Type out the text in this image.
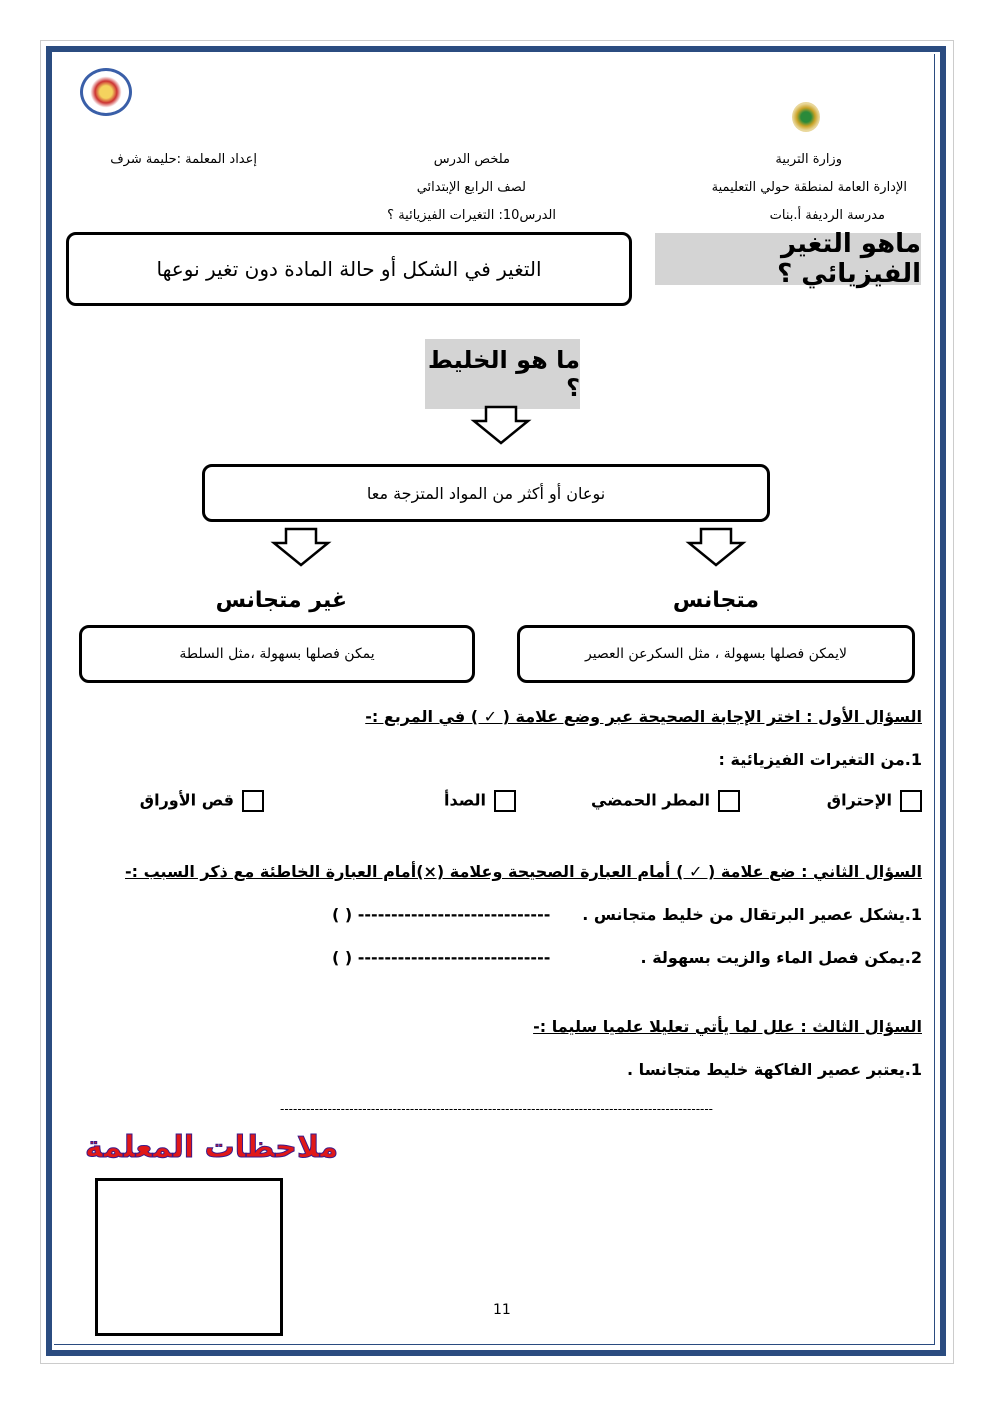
وزارة التربية
الإدارة العامة لمنطقة حولي التعليمية
مدرسة الرديفة أ.بنات
ملخص الدرس
لصف الرابع الإبتدائي
الدرس10: التغيرات الفيزيائية ؟
إعداد المعلمة :حليمة شرف
ماهو التغير الفيزيائي ؟
التغير في الشكل أو حالة المادة دون تغير نوعها
ما هو الخليط ؟
نوعان أو أكثر من المواد المتزجة معا
متجانس
غير متجانس
لايمكن فصلها بسهولة ، مثل السكرعن العصير
يمكن فصلها بسهولة ،مثل السلطة
السؤال الأول : اختر الإجابة الصحيحة عبر وضع علامة ( ✓ ) في المربع :-
1.من التغيرات الفيزيائية :
الإحتراق
المطر الحمضي
الصدأ
قص الأوراق
السؤال الثاني : ضع علامة ( ✓ ) أمام العبارة الصحيحة وعلامة (×)أمام العبارة الخاطئة مع ذكر السبب :-
1.يشكل عصير البرتقال من خليط متجانس .
( ) -----------------------------
2.يمكن فصل الماء والزيت بسهولة .
( ) -----------------------------
السؤال الثالث : علل لما يأتي تعليلا علميا سليما :-
1.يعتبر عصير الفاكهة خليط متجانسا .
----------------------------------------------------------------------------------------------------
ملاحظات المعلمة
11
